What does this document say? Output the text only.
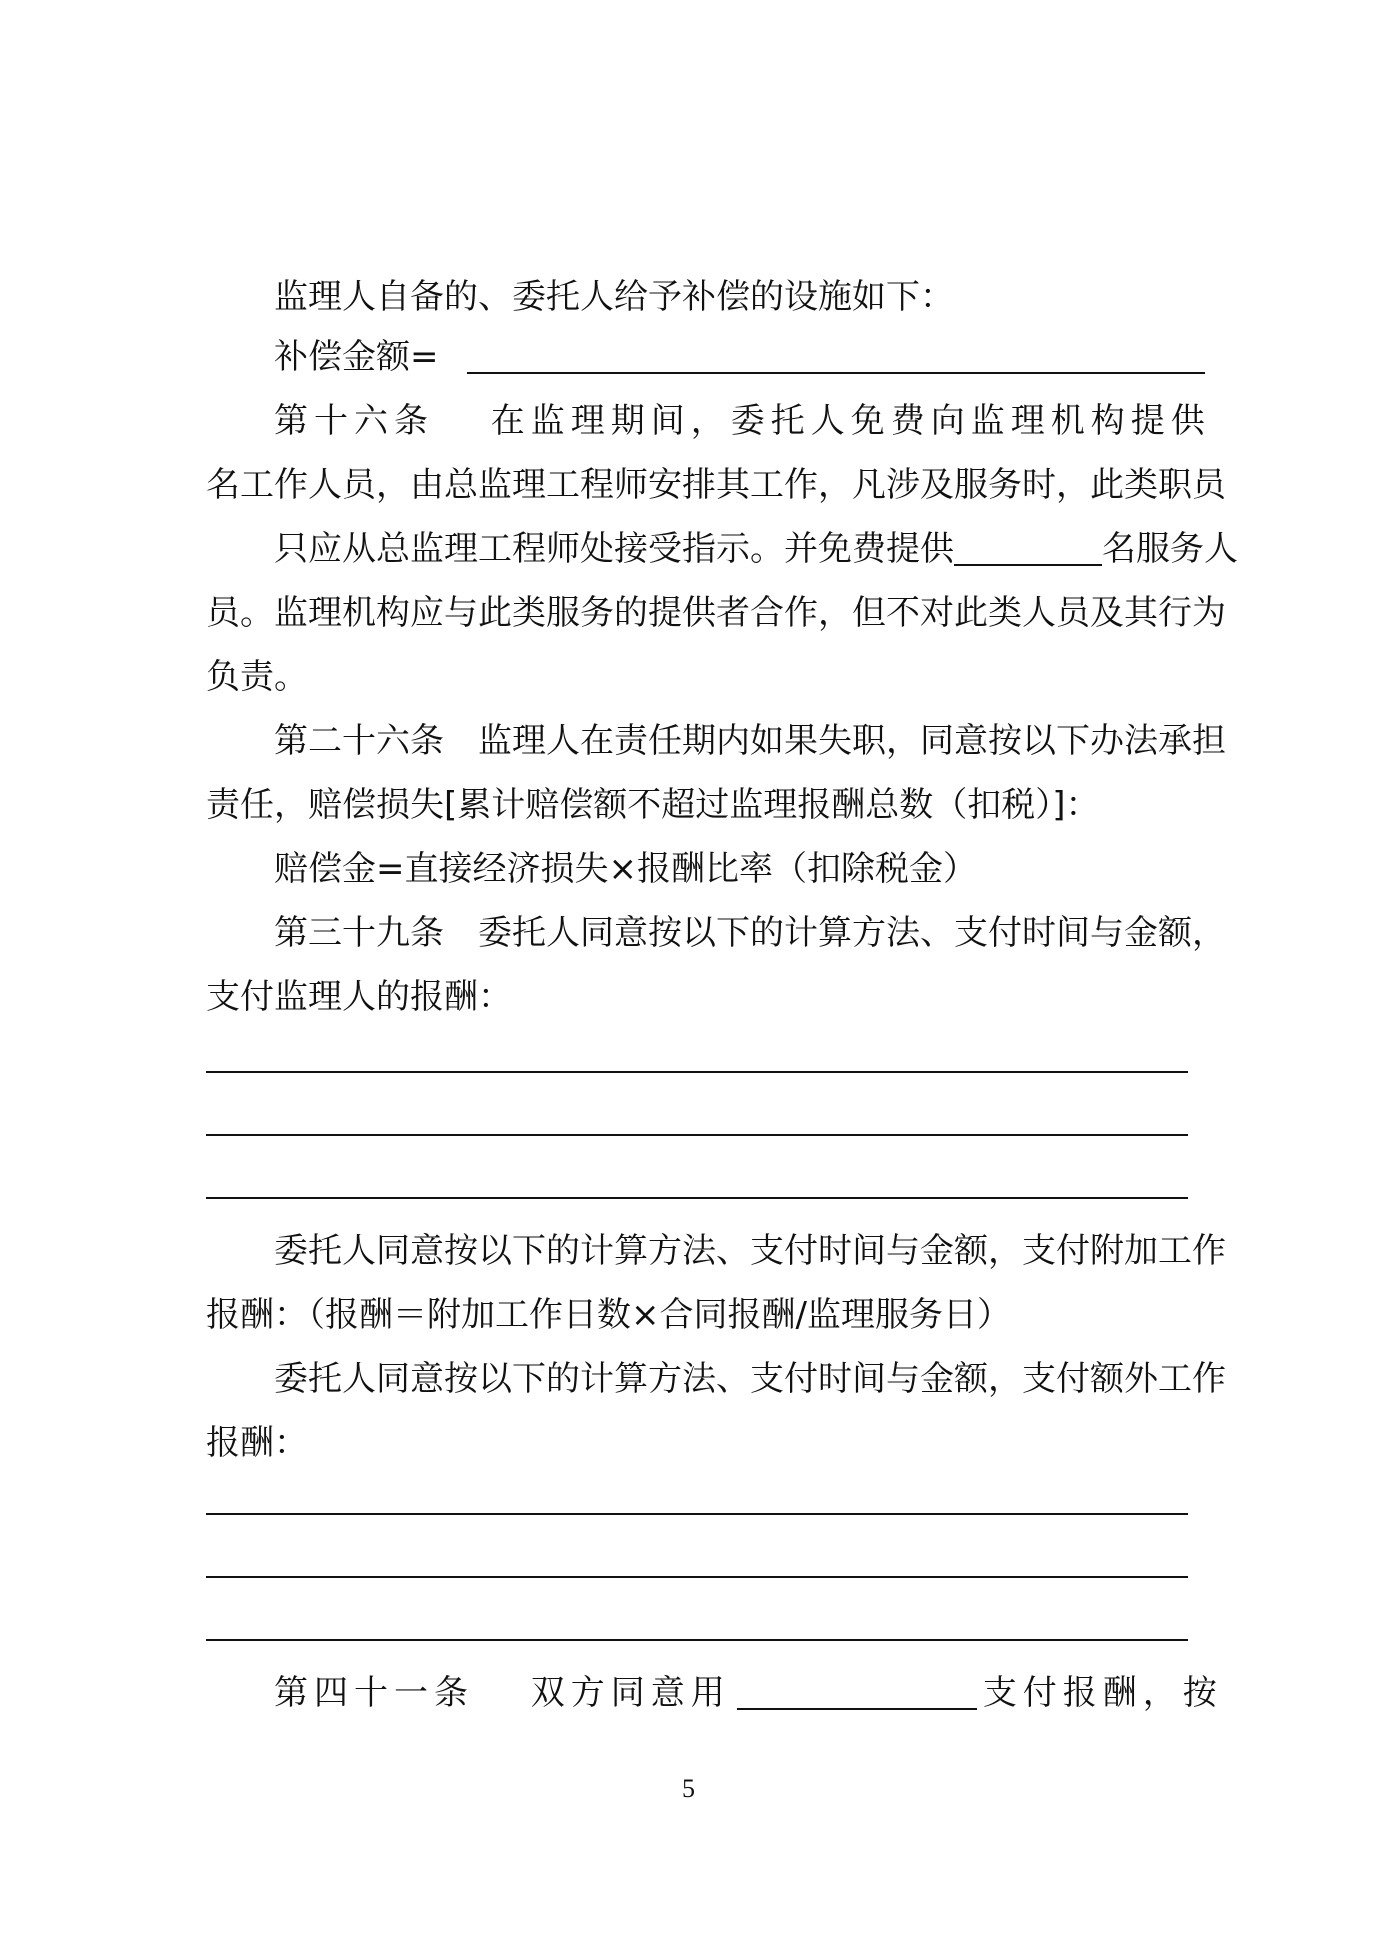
监理人自备的、委托人给予补偿的设施如下：

补偿金额=

第十六条　 在监理期间，委托人免费向监理机构提供

名工作人员，由总监理工程师安排其工作，凡涉及服务时，此类职员

只应从总监理工程师处接受指示。并免费提供	名服务人

员。监理机构应与此类服务的提供者合作，但不对此类人员及其行为

负责。

第二十六条　监理人在责任期内如果失职，同意按以下办法承担

责任，赔偿损失[累计赔偿额不超过监理报酬总数（扣税）]：

赔偿金=直接经济损失×报酬比率（扣除税金）

第三十九条　委托人同意按以下的计算方法、支付时间与金额，

支付监理人的报酬：

委托人同意按以下的计算方法、支付时间与金额，支付附加工作

报酬：（报酬＝附加工作日数×合同报酬/监理服务日）

委托人同意按以下的计算方法、支付时间与金额，支付额外工作

报酬：

第四十一条　 双方同意用	支付报酬，按

5
